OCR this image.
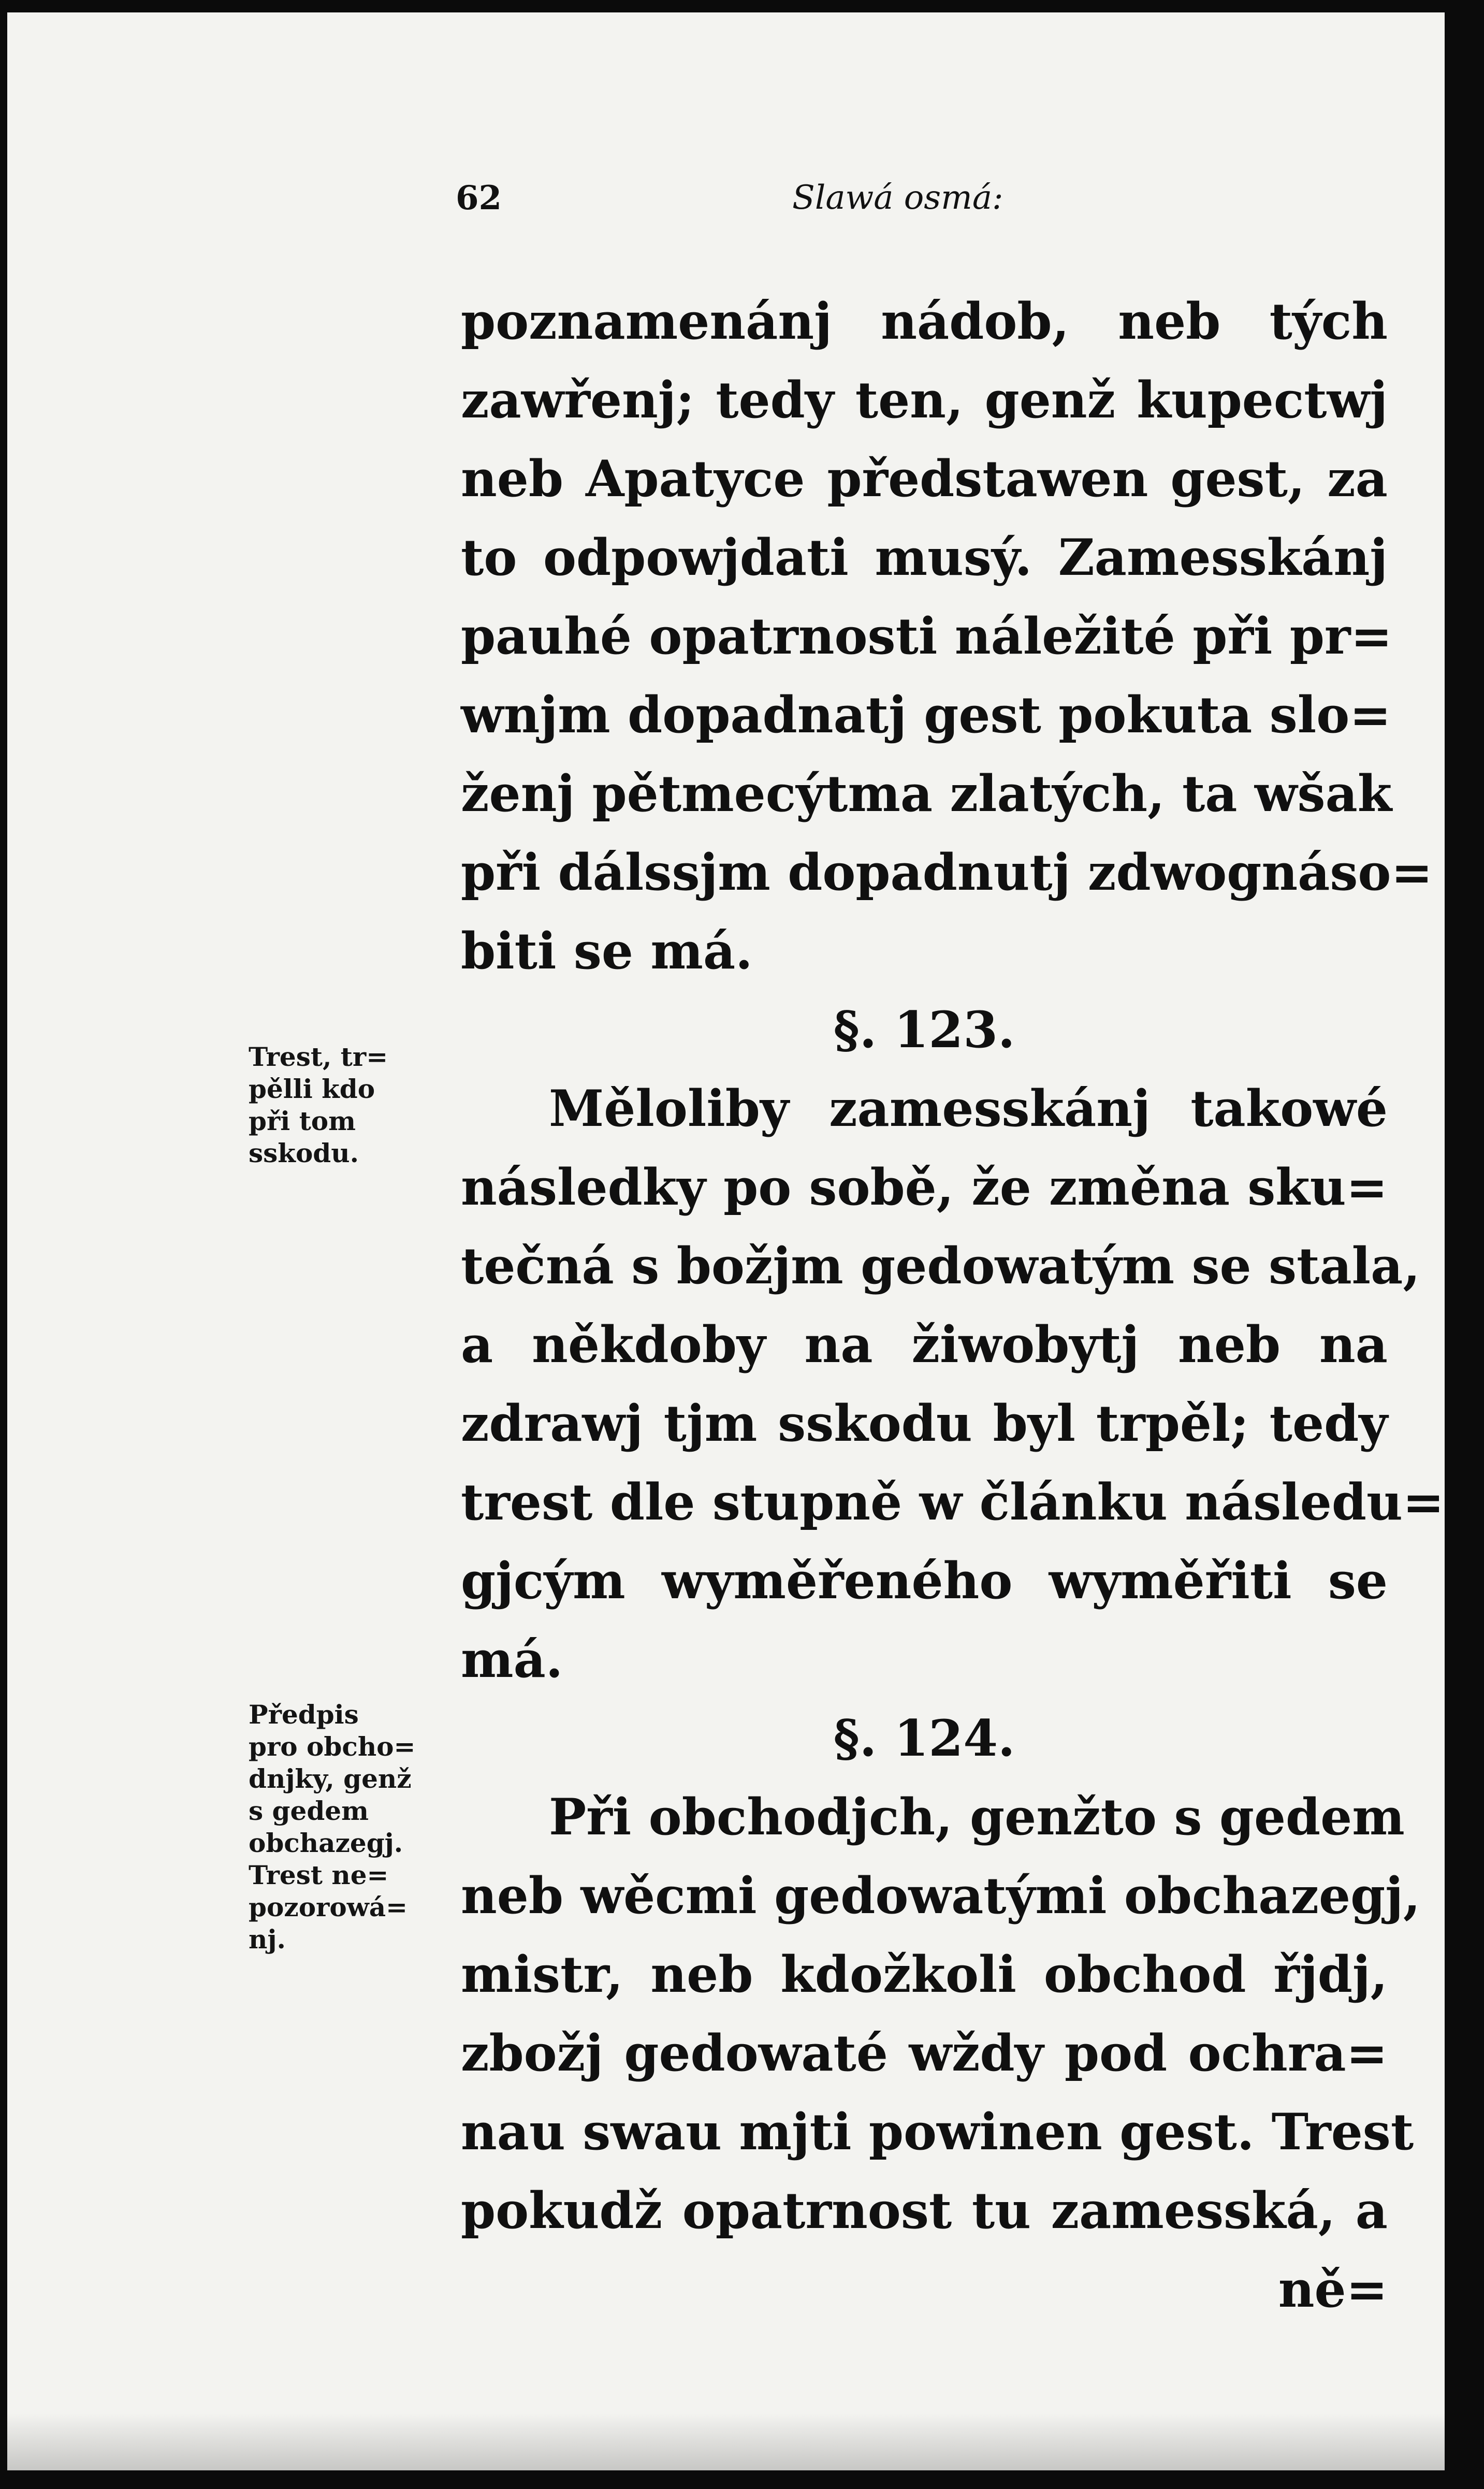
62	Slawá osmá:
Trest, tr=
pělli kdo
při tom
sskodu.
Předpis
pro obcho=
dnjky, genž
s gedem
obchazegj.
Trest ne=
pozorowá=
nj.
poznamenánj nádob, neb tých
zawřenj; tedy ten, genž kupectwj
neb Apatyce předstawen gest, za
to odpowjdati musý. Zamesskánj
pauhé opatrnosti náležité při pr=
wnjm dopadnatj gest pokuta slo=
ženj pětmecýtma zlatých, ta wšak
při dálssjm dopadnutj zdwognáso=
biti se má.
§. 123.
Měloliby zamesskánj takowé
následky po sobě, že změna sku=
tečná s božjm gedowatým se stala,
a někdoby na žiwobytj neb na
zdrawj tjm sskodu byl trpěl; tedy
trest dle stupně w článku následu=
gjcým wyměřeného wyměřiti se
má.
§. 124.
Při obchodjch, genžto s gedem
neb wěcmi gedowatými obchazegj,
mistr, neb kdožkoli obchod řjdj,
zbožj gedowaté wždy pod ochra=
nau swau mjti powinen gest. Trest
pokudž opatrnost tu zamesská, a
ně=
